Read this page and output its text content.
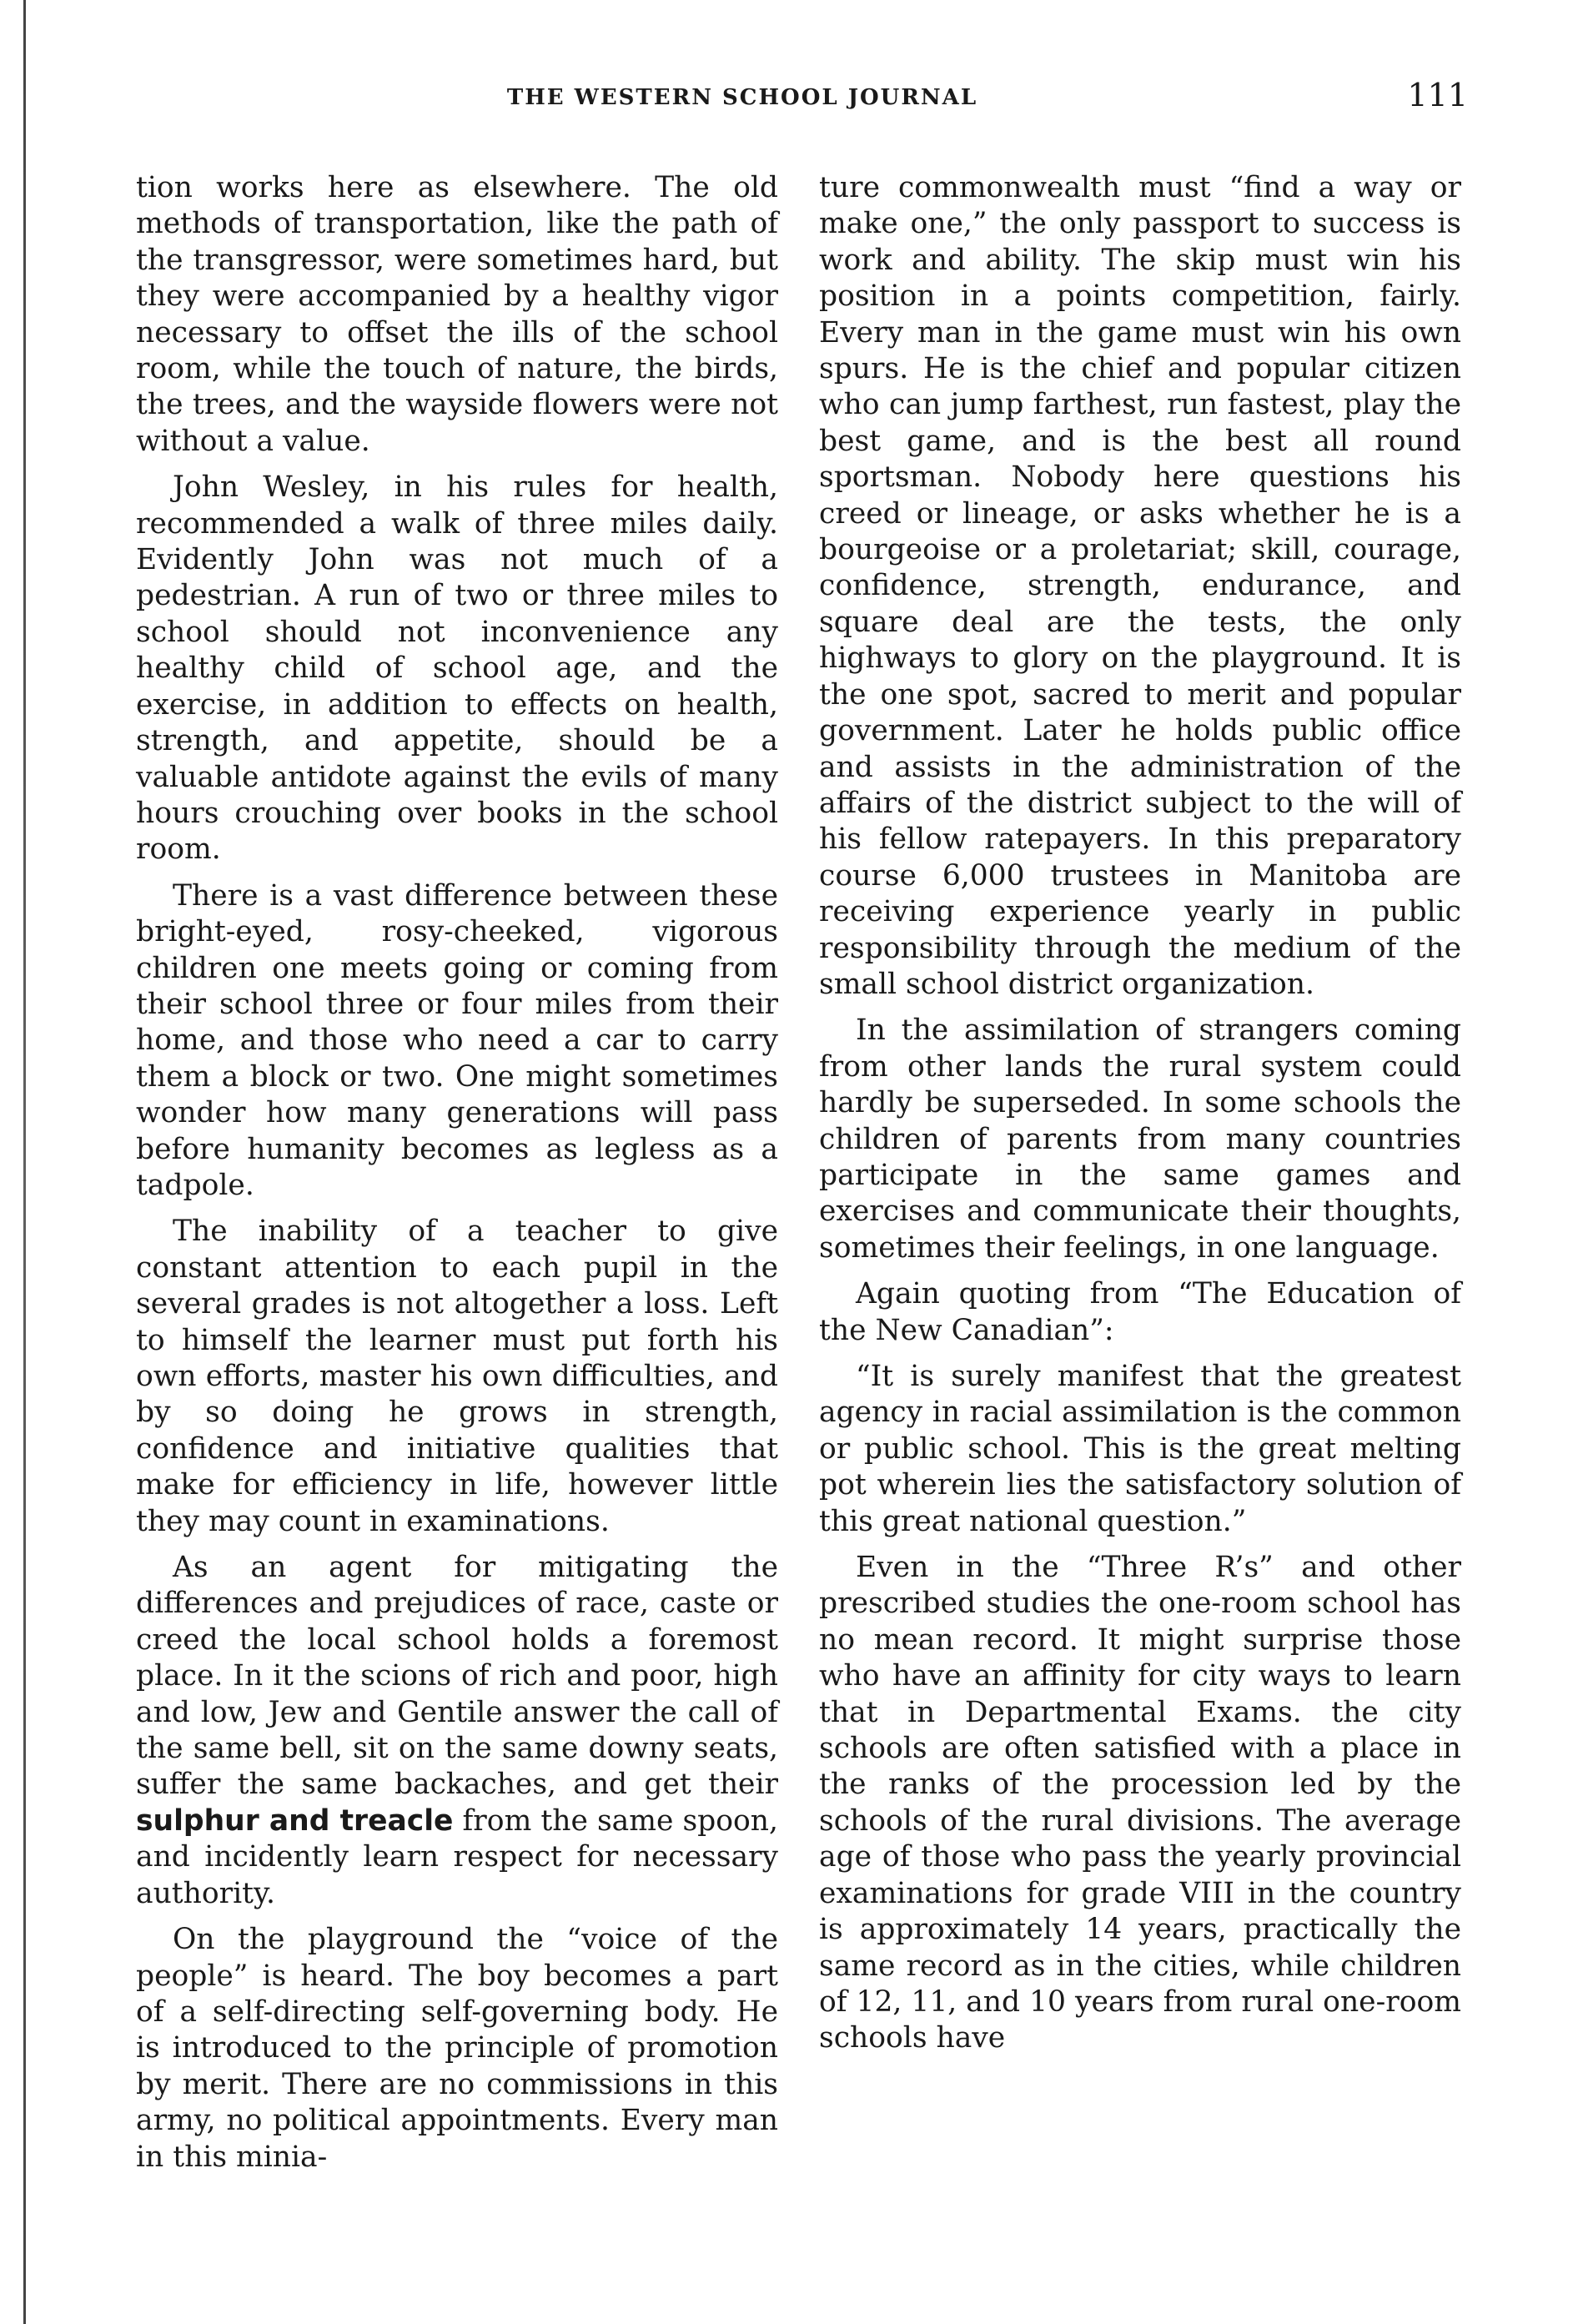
THE WESTERN SCHOOL JOURNAL	111

tion works here as elsewhere. The old methods of transportation, like the path of the transgressor, were sometimes hard, but they were accompanied by a healthy vigor necessary to offset the ills of the school room, while the touch of nature, the birds, the trees, and the wayside flowers were not without a value.

John Wesley, in his rules for health, recommended a walk of three miles daily. Evidently John was not much of a pedestrian. A run of two or three miles to school should not inconvenience any healthy child of school age, and the exercise, in addition to effects on health, strength, and appetite, should be a valuable antidote against the evils of many hours crouching over books in the school room.

There is a vast difference between these bright-eyed, rosy-cheeked, vigorous children one meets going or coming from their school three or four miles from their home, and those who need a car to carry them a block or two. One might sometimes wonder how many generations will pass before humanity becomes as legless as a tadpole.

The inability of a teacher to give constant attention to each pupil in the several grades is not altogether a loss. Left to himself the learner must put forth his own efforts, master his own difficulties, and by so doing he grows in strength, confidence and initiative qualities that make for efficiency in life, however little they may count in examinations.

As an agent for mitigating the differences and prejudices of race, caste or creed the local school holds a foremost place. In it the scions of rich and poor, high and low, Jew and Gentile answer the call of the same bell, sit on the same downy seats, suffer the same backaches, and get their sulphur and treacle from the same spoon, and incidently learn respect for necessary authority.

On the playground the “voice of the people” is heard. The boy becomes a part of a self-directing self-governing body. He is introduced to the principle of promotion by merit. There are no commissions in this army, no political appointments. Every man in this minia-

ture commonwealth must “find a way or make one,” the only passport to success is work and ability. The skip must win his position in a points competition, fairly. Every man in the game must win his own spurs. He is the chief and popular citizen who can jump farthest, run fastest, play the best game, and is the best all round sportsman. Nobody here questions his creed or lineage, or asks whether he is a bourgeoise or a proletariat; skill, courage, confidence, strength, endurance, and square deal are the tests, the only highways to glory on the playground. It is the one spot, sacred to merit and popular government. Later he holds public office and assists in the administration of the affairs of the district subject to the will of his fellow ratepayers. In this preparatory course 6,000 trustees in Manitoba are receiving experience yearly in public responsibility through the medium of the small school district organization.

In the assimilation of strangers coming from other lands the rural system could hardly be superseded. In some schools the children of parents from many countries participate in the same games and exercises and communicate their thoughts, sometimes their feelings, in one language.

Again quoting from “The Education of the New Canadian”:

“It is surely manifest that the greatest agency in racial assimilation is the common or public school. This is the great melting pot wherein lies the satisfactory solution of this great national question.”

Even in the “Three R’s” and other prescribed studies the one-room school has no mean record. It might surprise those who have an affinity for city ways to learn that in Departmental Exams. the city schools are often satisfied with a place in the ranks of the procession led by the schools of the rural divisions. The average age of those who pass the yearly provincial examinations for grade VIII in the country is approximately 14 years, practically the same record as in the cities, while children of 12, 11, and 10 years from rural one-room schools have
